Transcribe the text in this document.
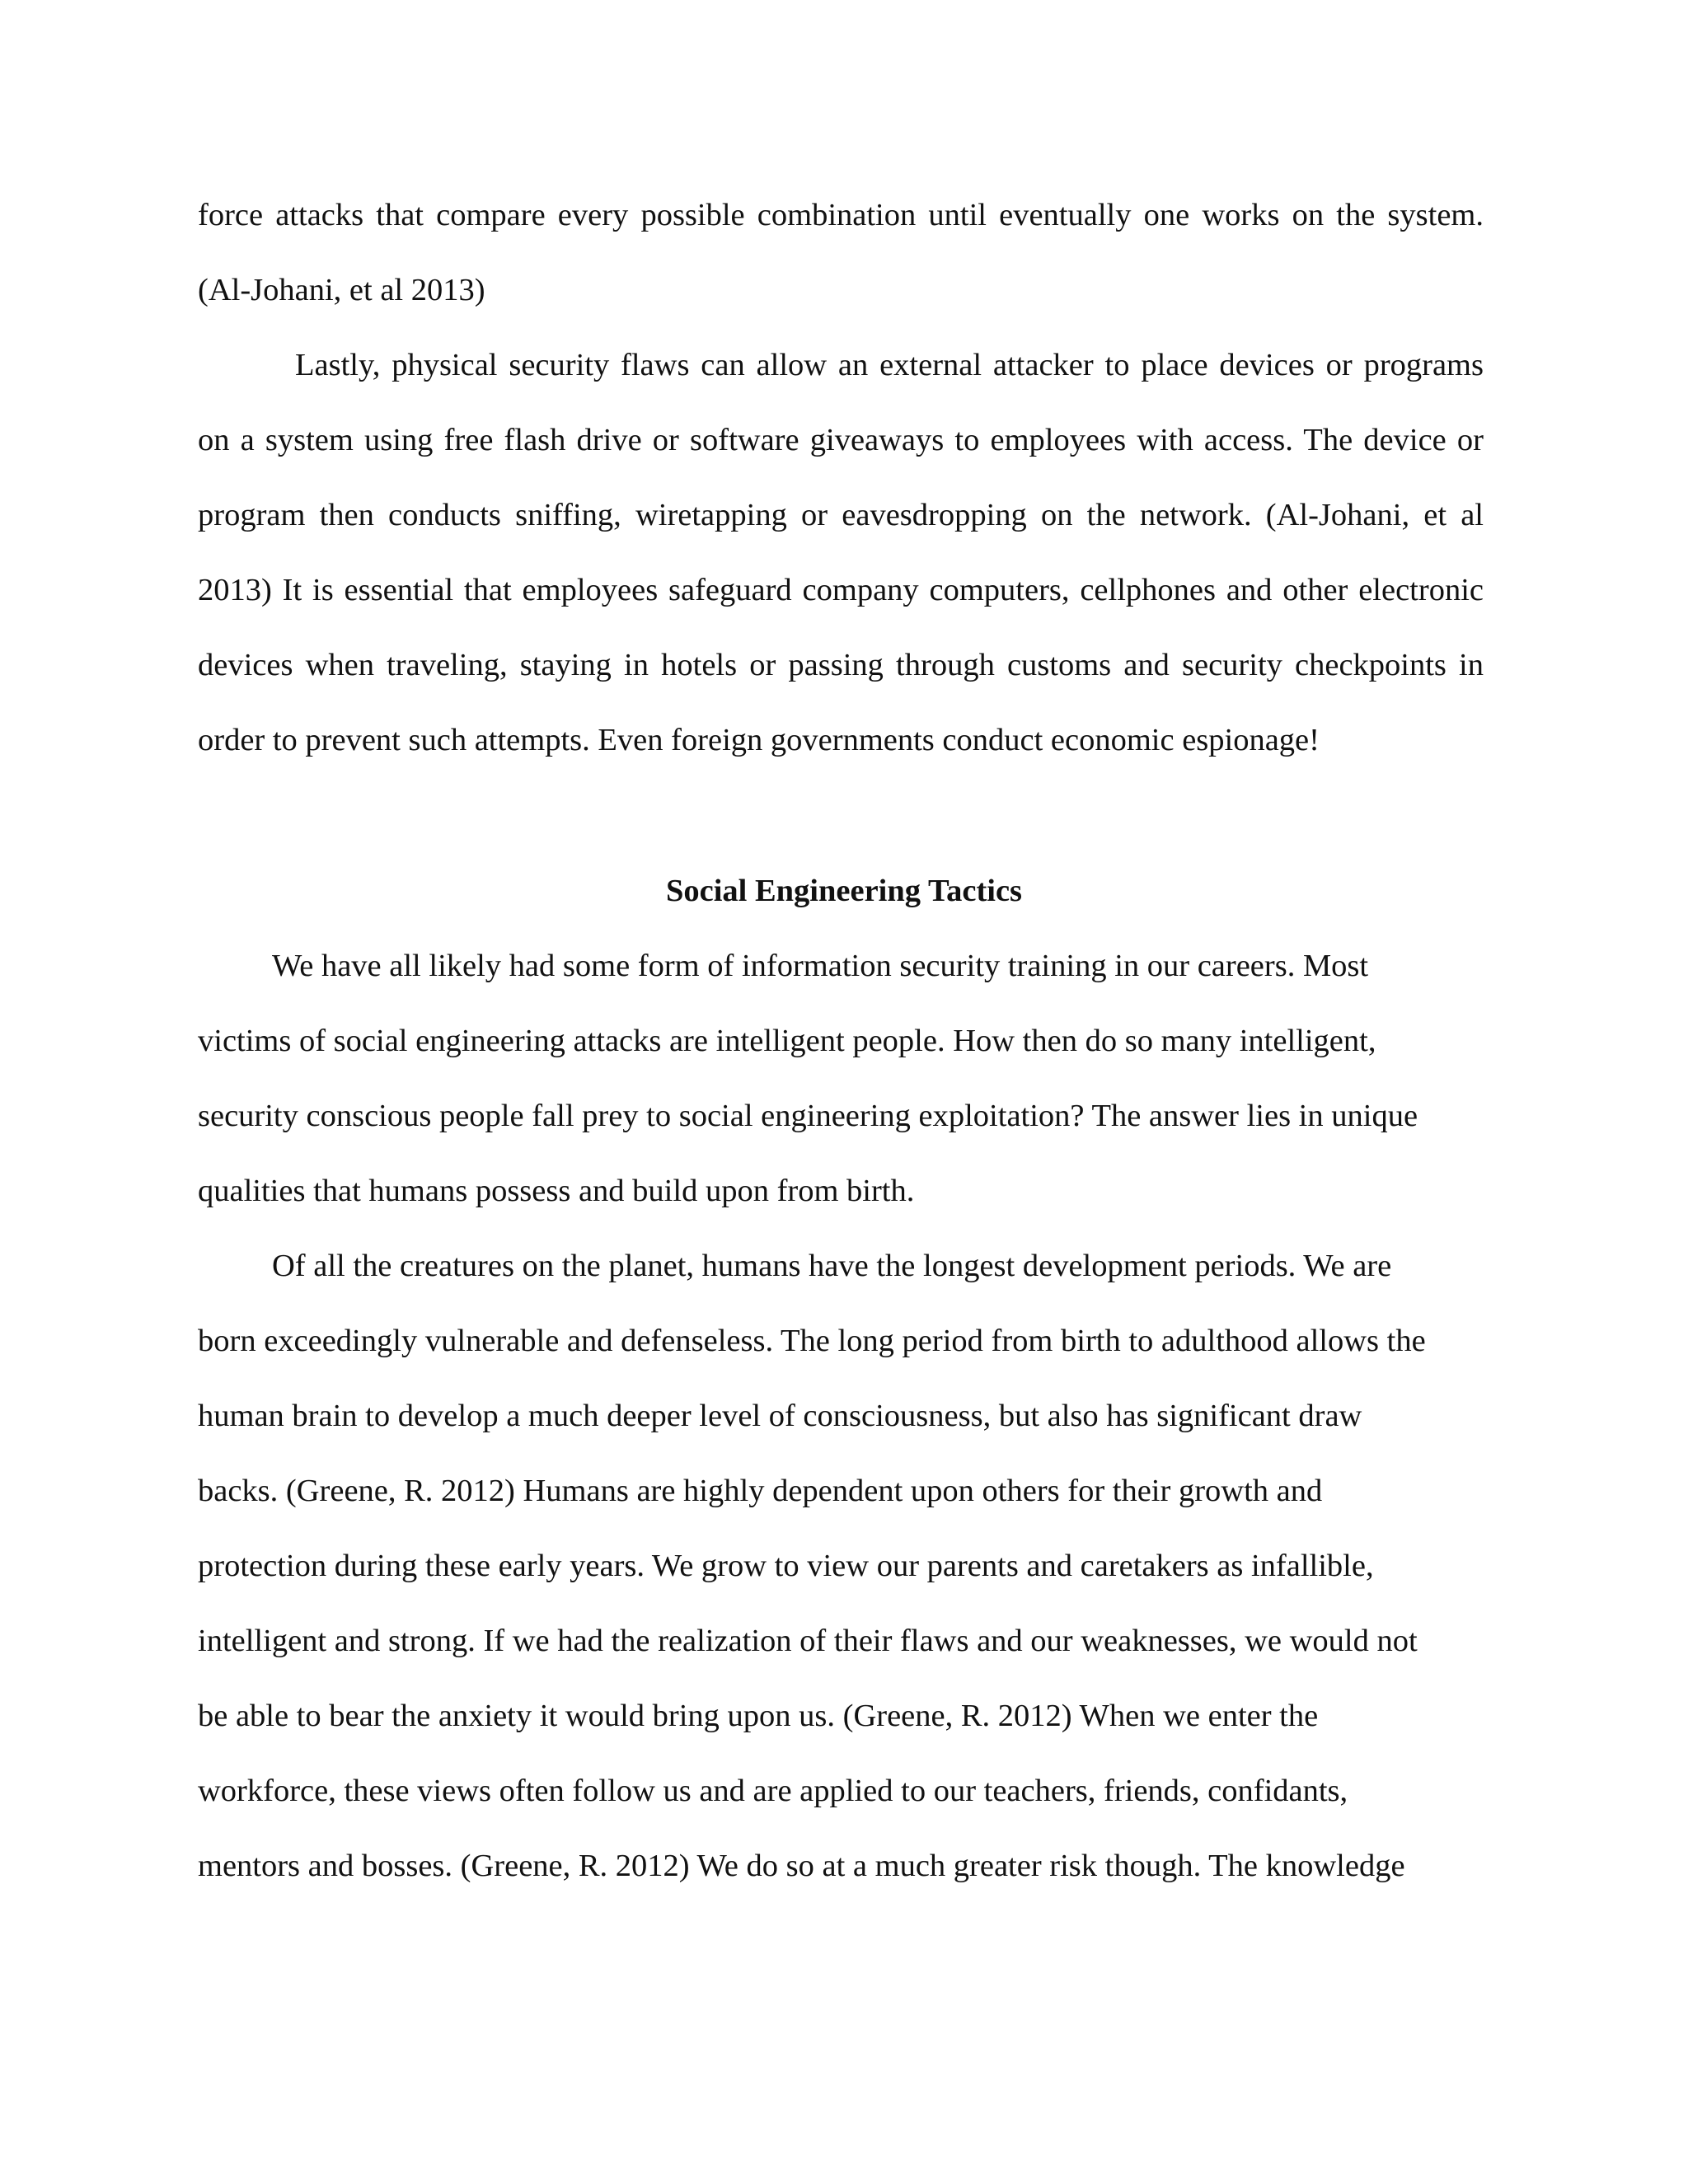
force attacks that compare every possible combination until eventually one works on the system.
(Al-Johani, et al 2013)
Lastly, physical security flaws can allow an external attacker to place devices or programs
on a system using free flash drive or software giveaways to employees with access. The device or
program then conducts sniffing, wiretapping or eavesdropping on the network. (Al-Johani, et al
2013) It is essential that employees safeguard company computers, cellphones and other electronic
devices when traveling, staying in hotels or passing through customs and security checkpoints in
order to prevent such attempts. Even foreign governments conduct economic espionage!
Social Engineering Tactics
We have all likely had some form of information security training in our careers. Most
victims of social engineering attacks are intelligent people. How then do so many intelligent,
security conscious people fall prey to social engineering exploitation? The answer lies in unique
qualities that humans possess and build upon from birth.
Of all the creatures on the planet, humans have the longest development periods. We are
born exceedingly vulnerable and defenseless. The long period from birth to adulthood allows the
human brain to develop a much deeper level of consciousness, but also has significant draw
backs. (Greene, R. 2012) Humans are highly dependent upon others for their growth and
protection during these early years. We grow to view our parents and caretakers as infallible,
intelligent and strong. If we had the realization of their flaws and our weaknesses, we would not
be able to bear the anxiety it would bring upon us. (Greene, R. 2012) When we enter the
workforce, these views often follow us and are applied to our teachers, friends, confidants,
mentors and bosses. (Greene, R. 2012) We do so at a much greater risk though. The knowledge
